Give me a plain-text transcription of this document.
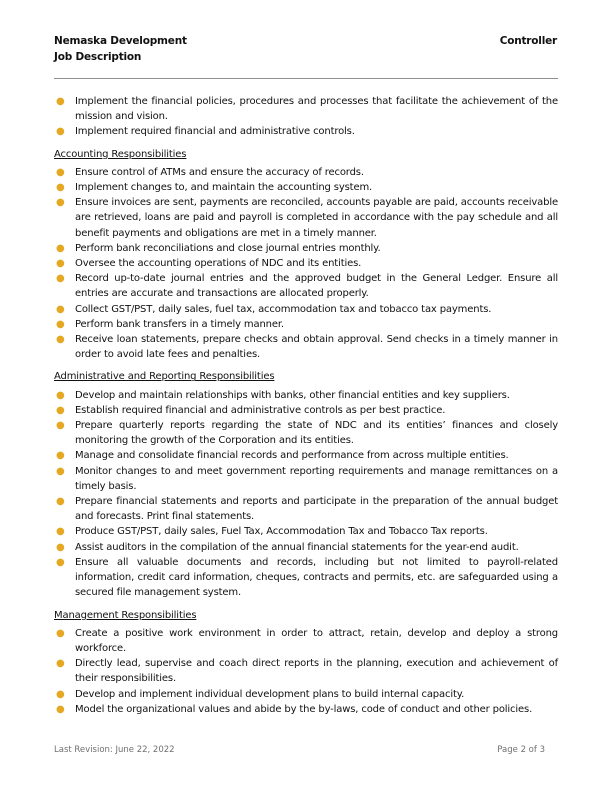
Nemaska Development
Job Description
Controller
● Implement the financial policies, procedures and processes that facilitate the achievement of the mission and vision.
● Implement required financial and administrative controls.
Accounting Responsibilities
● Ensure control of ATMs and ensure the accuracy of records.
● Implement changes to, and maintain the accounting system.
● Ensure invoices are sent, payments are reconciled, accounts payable are paid, accounts receivable are retrieved, loans are paid and payroll is completed in accordance with the pay schedule and all benefit payments and obligations are met in a timely manner.
● Perform bank reconciliations and close journal entries monthly.
● Oversee the accounting operations of NDC and its entities.
● Record up-to-date journal entries and the approved budget in the General Ledger. Ensure all entries are accurate and transactions are allocated properly.
● Collect GST/PST, daily sales, fuel tax, accommodation tax and tobacco tax payments.
● Perform bank transfers in a timely manner.
● Receive loan statements, prepare checks and obtain approval. Send checks in a timely manner in order to avoid late fees and penalties.
Administrative and Reporting Responsibilities
● Develop and maintain relationships with banks, other financial entities and key suppliers.
● Establish required financial and administrative controls as per best practice.
● Prepare quarterly reports regarding the state of NDC and its entities’ finances and closely monitoring the growth of the Corporation and its entities.
● Manage and consolidate financial records and performance from across multiple entities.
● Monitor changes to and meet government reporting requirements and manage remittances on a timely basis.
● Prepare financial statements and reports and participate in the preparation of the annual budget and forecasts. Print final statements.
● Produce GST/PST, daily sales, Fuel Tax, Accommodation Tax and Tobacco Tax reports.
● Assist auditors in the compilation of the annual financial statements for the year-end audit.
● Ensure all valuable documents and records, including but not limited to payroll-related information, credit card information, cheques, contracts and permits, etc. are safeguarded using a secured file management system.
Management Responsibilities
● Create a positive work environment in order to attract, retain, develop and deploy a strong workforce.
● Directly lead, supervise and coach direct reports in the planning, execution and achievement of their responsibilities.
● Develop and implement individual development plans to build internal capacity.
● Model the organizational values and abide by the by-laws, code of conduct and other policies.
Last Revision: June 22, 2022	Page 2 of 3
